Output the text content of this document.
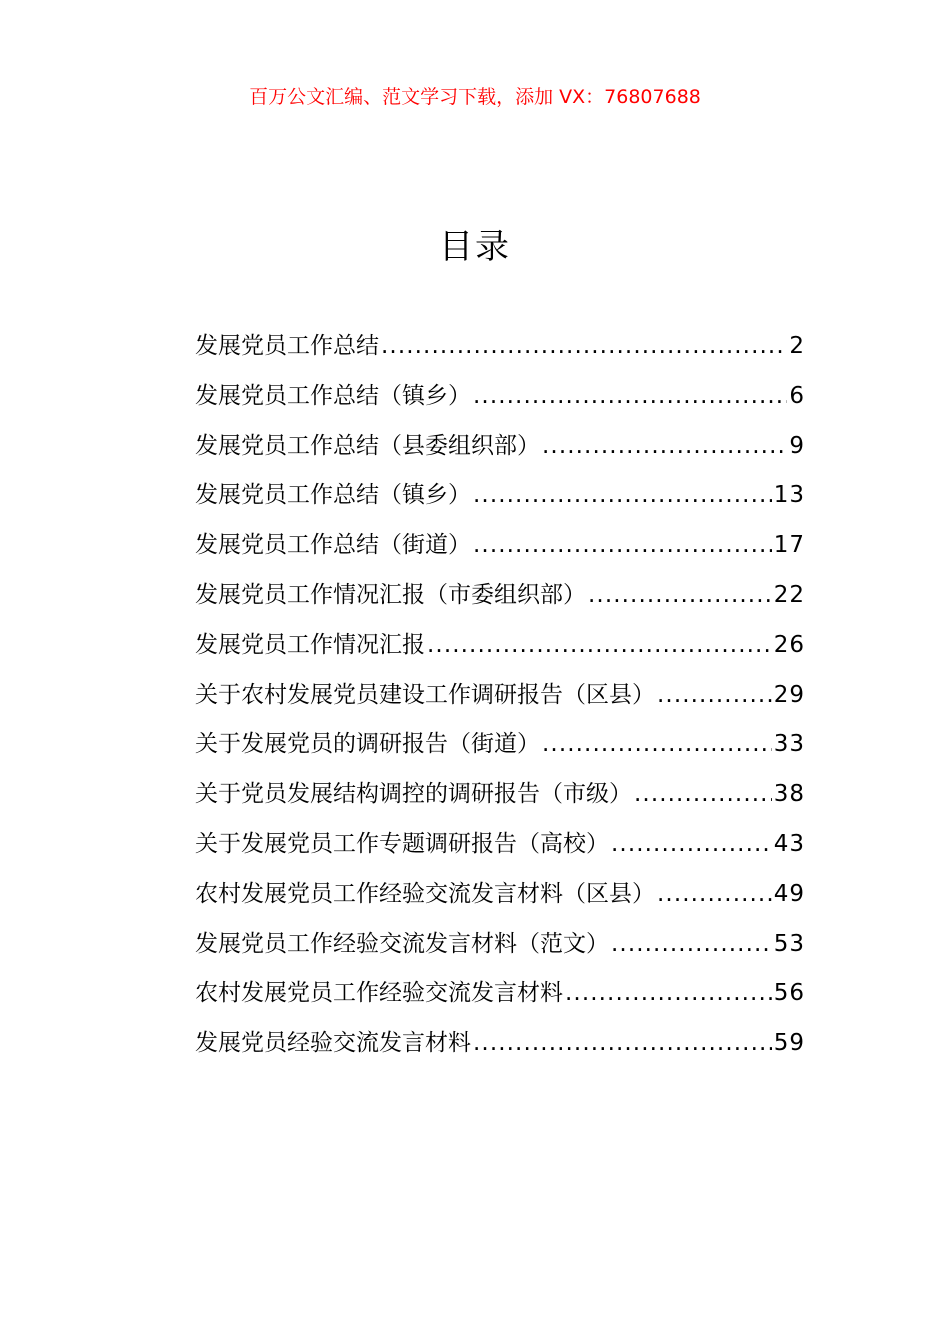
百万公文汇编、范文学习下载，添加 VX：76807688
目录
发展党员工作总结 .....	2
发展党员工作总结（镇乡） .....	6
发展党员工作总结（县委组织部） .....	9
发展党员工作总结（镇乡） .....	13
发展党员工作总结（街道） .....	17
发展党员工作情况汇报（市委组织部） .....	22
发展党员工作情况汇报 .....	26
关于农村发展党员建设工作调研报告（区县） .....	29
关于发展党员的调研报告（街道） .....	33
关于党员发展结构调控的调研报告（市级） .....	38
关于发展党员工作专题调研报告（高校） .....	43
农村发展党员工作经验交流发言材料（区县） .....	49
发展党员工作经验交流发言材料（范文） .....	53
农村发展党员工作经验交流发言材料 .....	56
发展党员经验交流发言材料 .....	59
